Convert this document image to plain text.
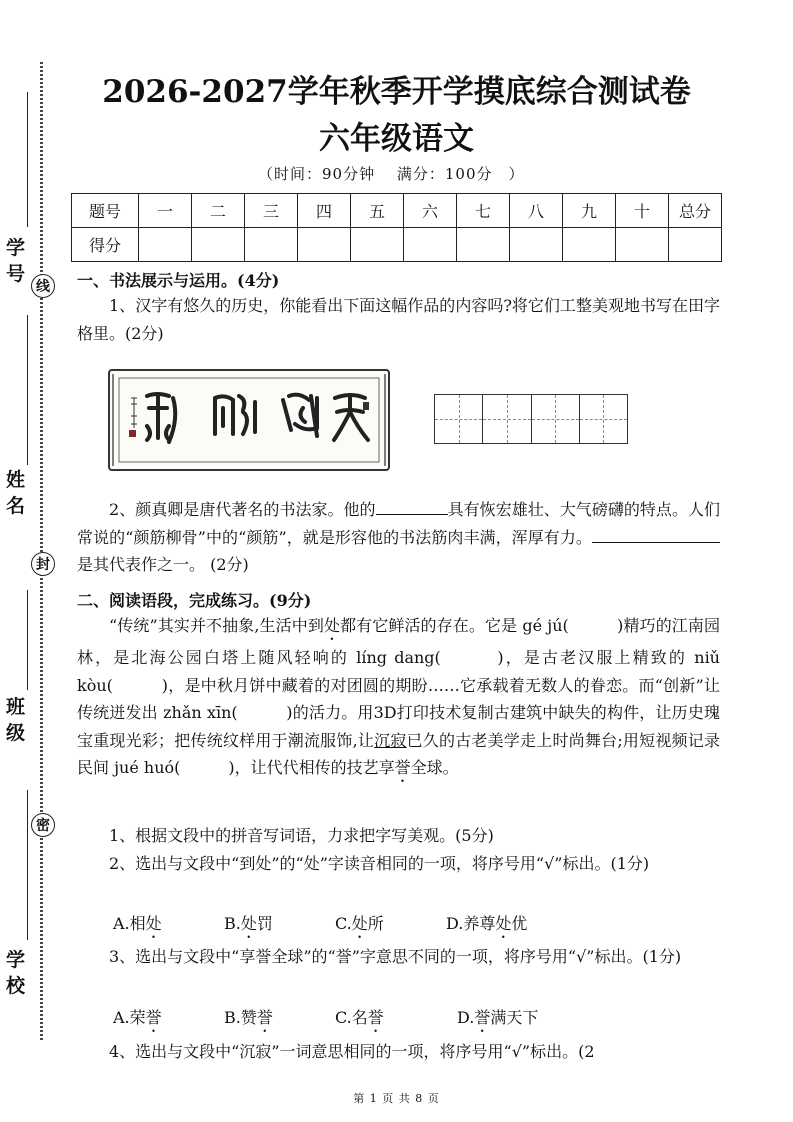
学
号
线
姓
名
封
班
级
密
学
校
2026-2027学年秋季开学摸底综合测试卷
六年级语文
（时间：90分钟　 满分：100分　）
题号	一	二	三	四	五	六	七	八	九	十	总分
得分											
一、书法展示与运用。(4分)
1、汉字有悠久的历史，你能看出下面这幅作品的内容吗?将它们工整美观地书写在田字格里。(2分)
2、颜真卿是唐代著名的书法家。他的	具有恢宏雄壮、大气磅礴的特点。人们常说的“颜筋柳骨”中的“颜筋”，就是形容他的书法筋肉丰满，浑厚有力。是其代表作之一。 (2分)
二、阅读语段，完成练习。(9分)
“传统”其实并不抽象,生活中到处都有它鲜活的存在。它是 gé jú(　　　)精巧的江南园林，是北海公园白塔上随风轻响的 líng dang(　　　)，是古老汉服上精致的 niǔ kòu(　　　)，是中秋月饼中藏着的对团圆的期盼……它承载着无数人的眷恋。而“创新”让传统迸发出 zhǎn xīn(　　　)的活力。用3D打印技术复制古建筑中缺失的构件，让历史瑰宝重现光彩；把传统纹样用于潮流服饰,让沉寂已久的古老美学走上时尚舞台;用短视频记录民间 jué huó(　　　)，让代代相传的技艺享誉全球。
1、根据文段中的拼音写词语，力求把字写美观。(5分)
2、选出与文段中“到处”的“处”字读音相同的一项，将序号用“√”标出。(1分)
A.相处	B.处罚	C.处所	D.养尊处优
3、选出与文段中“享誉全球”的“誉”字意思不同的一项，将序号用“√”标出。(1分)
A.荣誉	B.赞誉	C.名誉	D.誉满天下
4、选出与文段中“沉寂”一词意思相同的一项，将序号用“√”标出。(2
第 1 页 共 8 页
